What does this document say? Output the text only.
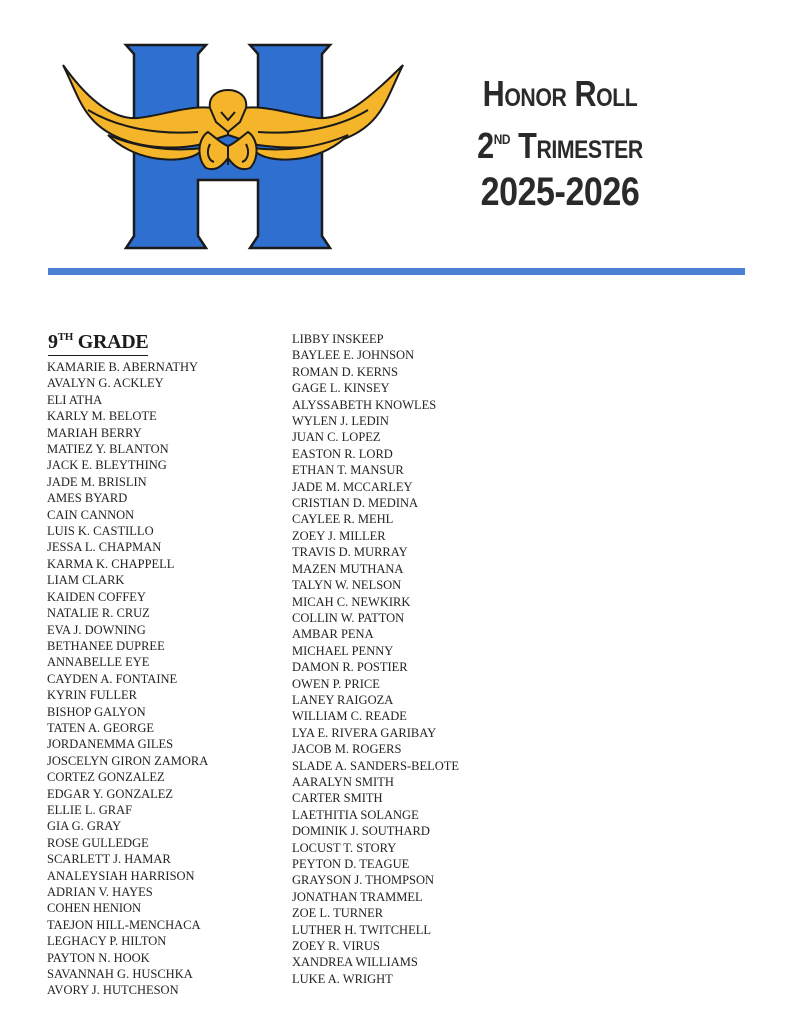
Honor Roll
2nd Trimester
2025-2026
9TH GRADE
KAMARIE B. ABERNATHY
AVALYN G. ACKLEY
ELI ATHA
KARLY M. BELOTE
MARIAH BERRY
MATIEZ Y. BLANTON
JACK E. BLEYTHING
JADE M. BRISLIN
AMES BYARD
CAIN CANNON
LUIS K. CASTILLO
JESSA L. CHAPMAN
KARMA K. CHAPPELL
LIAM CLARK
KAIDEN COFFEY
NATALIE R. CRUZ
EVA J. DOWNING
BETHANEE DUPREE
ANNABELLE EYE
CAYDEN A. FONTAINE
KYRIN FULLER
BISHOP GALYON
TATEN A. GEORGE
JORDANEMMA GILES
JOSCELYN GIRON ZAMORA
CORTEZ GONZALEZ
EDGAR Y. GONZALEZ
ELLIE L. GRAF
GIA G. GRAY
ROSE GULLEDGE
SCARLETT J. HAMAR
ANALEYSIAH HARRISON
ADRIAN V. HAYES
COHEN HENION
TAEJON HILL-MENCHACA
LEGHACY P. HILTON
PAYTON N. HOOK
SAVANNAH G. HUSCHKA
AVORY J. HUTCHESON
LIBBY INSKEEP
BAYLEE E. JOHNSON
ROMAN D. KERNS
GAGE L. KINSEY
ALYSSABETH KNOWLES
WYLEN J. LEDIN
JUAN C. LOPEZ
EASTON R. LORD
ETHAN T. MANSUR
JADE M. MCCARLEY
CRISTIAN D. MEDINA
CAYLEE R. MEHL
ZOEY J. MILLER
TRAVIS D. MURRAY
MAZEN MUTHANA
TALYN W. NELSON
MICAH C. NEWKIRK
COLLIN W. PATTON
AMBAR PENA
MICHAEL PENNY
DAMON R. POSTIER
OWEN P. PRICE
LANEY RAIGOZA
WILLIAM C. READE
LYA E. RIVERA GARIBAY
JACOB M. ROGERS
SLADE A. SANDERS-BELOTE
AARALYN SMITH
CARTER SMITH
LAETHITIA SOLANGE
DOMINIK J. SOUTHARD
LOCUST T. STORY
PEYTON D. TEAGUE
GRAYSON J. THOMPSON
JONATHAN TRAMMEL
ZOE L. TURNER
LUTHER H. TWITCHELL
ZOEY R. VIRUS
XANDREA WILLIAMS
LUKE A. WRIGHT
